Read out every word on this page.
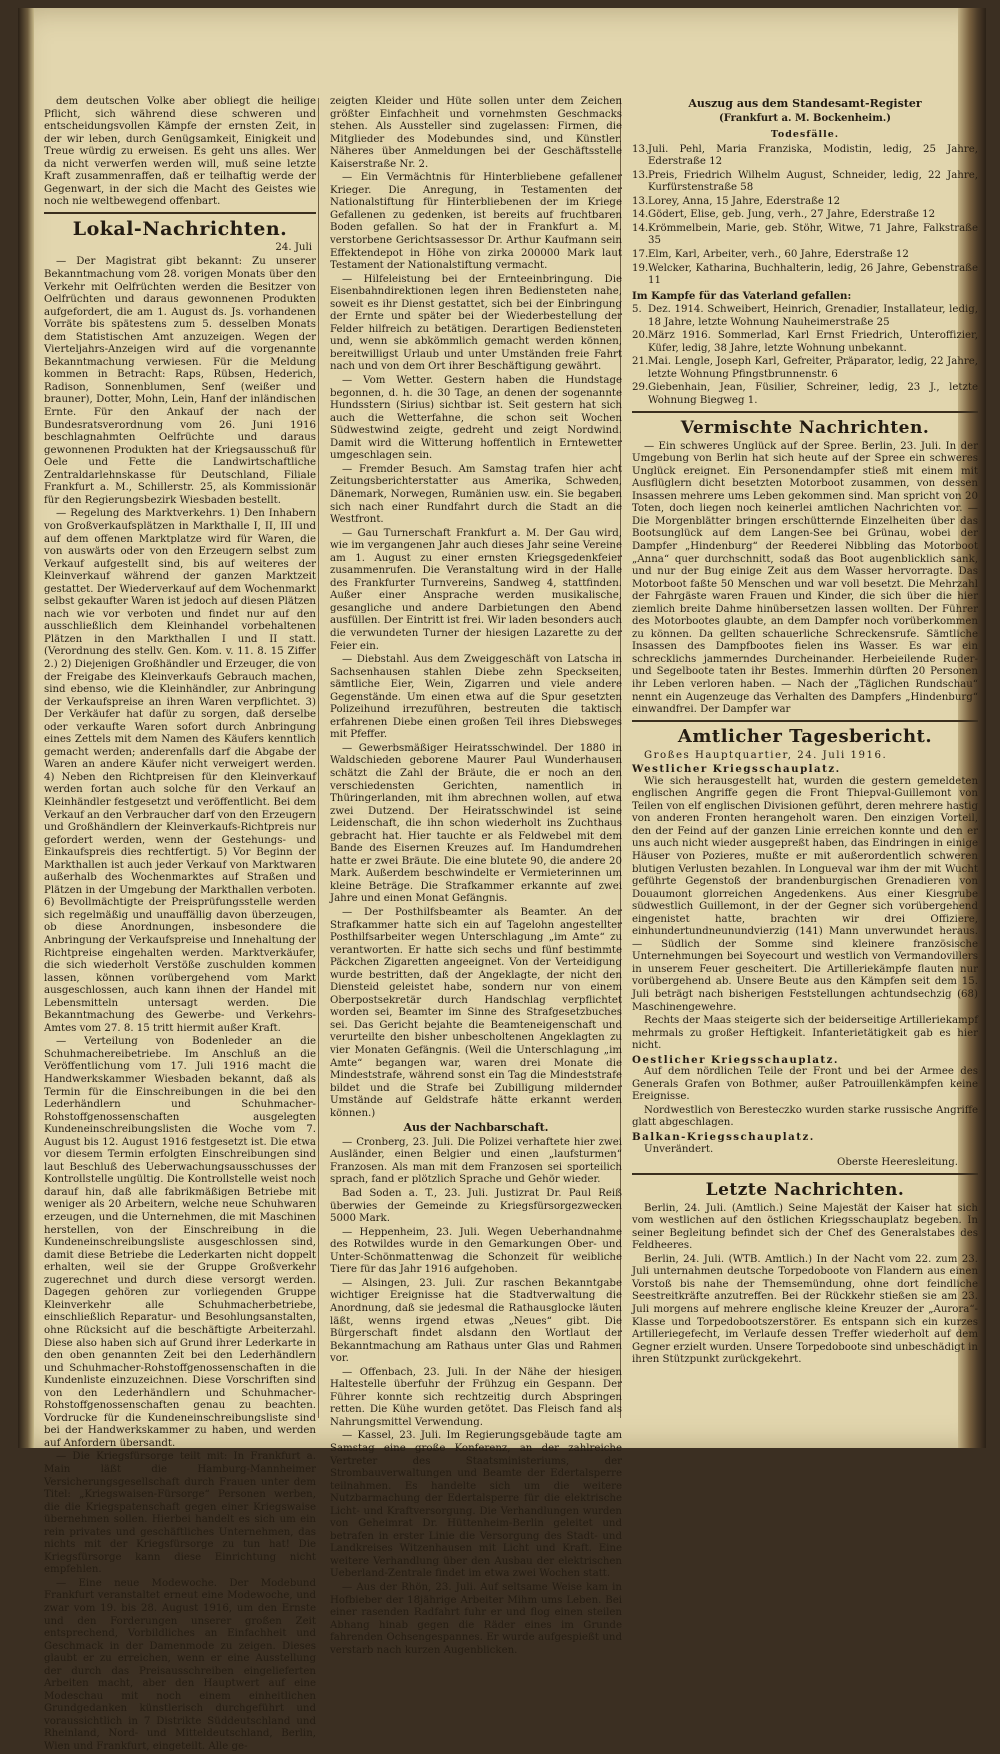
dem deutschen Volke aber obliegt die heilige Pflicht, sich während diese schweren und entscheidungsvollen Kämpfe der ernsten Zeit, in der wir leben, durch Genügsamkeit, Einigkeit und Treue würdig zu erweisen. Es geht uns alles. Wer da nicht verwerfen werden will, muß seine letzte Kraft zusammenraffen, daß er teilhaftig werde der Gegenwart, in der sich die Macht des Geistes wie noch nie weltbewegend offenbart.

Lokal-Nachrichten.
24. Juli

— Der Magistrat gibt bekannt: Zu unserer Bekanntmachung vom 28. vorigen Monats über den Verkehr mit Oelfrüchten werden die Besitzer von Oelfrüchten und daraus gewonnenen Produkten aufgefordert, die am 1. August ds. Js. vorhandenen Vorräte bis spätestens zum 5. desselben Monats dem Statistischen Amt anzuzeigen. Wegen der Vierteljahrs-Anzeigen wird auf die vorgenannte Bekanntmachung verwiesen. Für die Meldung kommen in Betracht: Raps, Rübsen, Hederich, Radison, Sonnenblumen, Senf (weißer und brauner), Dotter, Mohn, Lein, Hanf der inländischen Ernte. Für den Ankauf der nach der Bundesratsverordnung vom 26. Juni 1916 beschlagnahmten Oelfrüchte und daraus gewonnenen Produkten hat der Kriegsausschuß für Oele und Fette die Landwirtschaftliche Zentraldarlehnskasse für Deutschland, Filiale Frankfurt a. M., Schillerstr. 25, als Kommissionär für den Regierungsbezirk Wiesbaden bestellt.

— Regelung des Marktverkehrs. 1) Den Inhabern von Großverkaufsplätzen in Markthalle I, II, III und auf dem offenen Marktplatze wird für Waren, die von auswärts oder von den Erzeugern selbst zum Verkauf aufgestellt sind, bis auf weiteres der Kleinverkauf während der ganzen Marktzeit gestattet. Der Wiederverkauf auf dem Wochenmarkt selbst gekaufter Waren ist jedoch auf diesen Plätzen nach wie vor verboten und findet nur auf den ausschließlich dem Kleinhandel vorbehaltenen Plätzen in den Markthallen I und II statt. (Verordnung des stellv. Gen. Kom. v. 11. 8. 15 Ziffer 2.) 2) Diejenigen Großhändler und Erzeuger, die von der Freigabe des Kleinverkaufs Gebrauch machen, sind ebenso, wie die Kleinhändler, zur Anbringung der Verkaufspreise an ihren Waren verpflichtet. 3) Der Verkäufer hat dafür zu sorgen, daß derselbe oder verkaufte Waren sofort durch Anbringung eines Zettels mit dem Namen des Käufers kenntlich gemacht werden; anderenfalls darf die Abgabe der Waren an andere Käufer nicht verweigert werden. 4) Neben den Richtpreisen für den Kleinverkauf werden fortan auch solche für den Verkauf an Kleinhändler festgesetzt und veröffentlicht. Bei dem Verkauf an den Verbraucher darf von den Erzeugern und Großhändlern der Kleinverkaufs-Richtpreis nur gefordert werden, wenn der Gestehungs- und Einkaufspreis dies rechtfertigt. 5) Vor Beginn der Markthallen ist auch jeder Verkauf von Marktwaren außerhalb des Wochenmarktes auf Straßen und Plätzen in der Umgebung der Markthallen verboten. 6) Bevollmächtigte der Preisprüfungsstelle werden sich regelmäßig und unauffällig davon überzeugen, ob diese Anordnungen, insbesondere die Anbringung der Verkaufspreise und Innehaltung der Richtpreise eingehalten werden. Marktverkäufer, die sich wiederholt Verstöße zuschulden kommen lassen, können vorübergehend vom Markt ausgeschlossen, auch kann ihnen der Handel mit Lebensmitteln untersagt werden. Die Bekanntmachung des Gewerbe- und Verkehrs-Amtes vom 27. 8. 15 tritt hiermit außer Kraft.

— Verteilung von Bodenleder an die Schuhmachereibetriebe. Im Anschluß an die Veröffentlichung vom 17. Juli 1916 macht die Handwerkskammer Wiesbaden bekannt, daß als Termin für die Einschreibungen in die bei den Lederhändlern und Schuhmacher-Rohstoffgenossenschaften ausgelegten Kundeneinschreibungslisten die Woche vom 7. August bis 12. August 1916 festgesetzt ist. Die etwa vor diesem Termin erfolgten Einschreibungen sind laut Beschluß des Ueberwachungsausschusses der Kontrollstelle ungültig. Die Kontrollstelle weist noch darauf hin, daß alle fabrikmäßigen Betriebe mit weniger als 20 Arbeitern, welche neue Schuhwaren erzeugen, und die Unternehmen, die mit Maschinen herstellen, von der Einschreibung in die Kundeneinschreibungsliste ausgeschlossen sind, damit diese Betriebe die Lederkarten nicht doppelt erhalten, weil sie der Gruppe Großverkehr zugerechnet und durch diese versorgt werden. Dagegen gehören zur vorliegenden Gruppe Kleinverkehr alle Schuhmacherbetriebe, einschließlich Reparatur- und Besohlungsanstalten, ohne Rücksicht auf die beschäftigte Arbeiterzahl. Diese also haben sich auf Grund ihrer Lederkarte in den oben genannten Zeit bei den Lederhändlern und Schuhmacher-Rohstoffgenossenschaften in die Kundenliste einzuzeichnen. Diese Vorschriften sind von den Lederhändlern und Schuhmacher-Rohstoffgenossenschaften genau zu beachten. Vordrucke für die Kundeneinschreibungsliste sind bei der Handwerkskammer zu haben, und werden auf Anfordern übersandt.

— Die Kriegsfürsorge teilt mit: In Frankfurt a. Main läßt die Hamburg-Mannheimer Versicherungsgesellschaft durch Frauen unter dem Titel: „Kriegswaisen-Fürsorge“ Personen werben, die die Kriegspatenschaft gegen einer Kriegswaise übernehmen sollen. Hierbei handelt es sich um ein rein privates und geschäftliches Unternehmen, das nichts mit der Kriegsfürsorge zu tun hat! Die Kriegsfürsorge kann diese Einrichtung nicht empfehlen.

— Eine neue Modewoche. Der Modebund Frankfurt veranstaltet erneut eine Modewoche, und zwar vom 19. bis 28. August 1916, um den Ernste und den Forderungen unserer großen Zeit entsprechend, Vorbildliches an Einfachheit und Geschmack in der Damenmode zu zeigen. Dieses glaubt er zu erreichen, wenn er eine Ausstellung der durch das Preisausschreiben eingelieferten Arbeiten macht, aber den Hauptwert auf eine Modeschau mit noch einem einheitlichen Grundgedanken künstlerisch durchgeführt und voraussichtlich in 7 Distrikte Süddeutschland und Rheinland, Nord- und Mitteldeutschland, Berlin, Wien und Frankfurt, eingeteilt. Alle ge-

zeigten Kleider und Hüte sollen unter dem Zeichen größter Einfachheit und vornehmsten Geschmacks stehen. Als Aussteller sind zugelassen: Firmen, die Mitglieder des Modebundes sind, und Künstler. Näheres über Anmeldungen bei der Geschäftsstelle Kaiserstraße Nr. 2.

— Ein Vermächtnis für Hinterbliebene gefallener Krieger. Die Anregung, in Testamenten der Nationalstiftung für Hinterbliebenen der im Kriege Gefallenen zu gedenken, ist bereits auf fruchtbaren Boden gefallen. So hat der in Frankfurt a. M. verstorbene Gerichtsassessor Dr. Arthur Kaufmann sein Effektendepot in Höhe von zirka 200000 Mark laut Testament der Nationalstiftung vermacht.

— Hilfeleistung bei der Ernteeinbringung. Die Eisenbahndirektionen legen ihren Bediensteten nahe, soweit es ihr Dienst gestattet, sich bei der Einbringung der Ernte und später bei der Wiederbestellung der Felder hilfreich zu betätigen. Derartigen Bediensteten und, wenn sie abkömmlich gemacht werden können, bereitwilligst Urlaub und unter Umständen freie Fahrt nach und von dem Ort ihrer Beschäftigung gewährt.

— Vom Wetter. Gestern haben die Hundstage begonnen, d. h. die 30 Tage, an denen der sogenannte Hundsstern (Sirius) sichtbar ist. Seit gestern hat sich auch die Wetterfahne, die schon seit Wochen Südwestwind zeigte, gedreht und zeigt Nordwind. Damit wird die Witterung hoffentlich in Erntewetter umgeschlagen sein.

— Fremder Besuch. Am Samstag trafen hier acht Zeitungsberichterstatter aus Amerika, Schweden, Dänemark, Norwegen, Rumänien usw. ein. Sie begaben sich nach einer Rundfahrt durch die Stadt an die Westfront.

— Gau Turnerschaft Frankfurt a. M. Der Gau wird, wie im vergangenen Jahr auch dieses Jahr seine Vereine am 1. August zu einer ernsten Kriegsgedenkfeier zusammenrufen. Die Veranstaltung wird in der Halle des Frankfurter Turnvereins, Sandweg 4, stattfinden. Außer einer Ansprache werden musikalische, gesangliche und andere Darbietungen den Abend ausfüllen. Der Eintritt ist frei. Wir laden besonders auch die verwundeten Turner der hiesigen Lazarette zu der Feier ein.

— Diebstahl. Aus dem Zweiggeschäft von Latscha in Sachsenhausen stahlen Diebe zehn Speckseiten, sämtliche Eier, Wein, Zigarren und viele andere Gegenstände. Um einen etwa auf die Spur gesetzten Polizeihund irrezuführen, bestreuten die taktisch erfahrenen Diebe einen großen Teil ihres Diebsweges mit Pfeffer.

— Gewerbsmäßiger Heiratsschwindel. Der 1880 in Waldschieden geborene Maurer Paul Wunderhausen schätzt die Zahl der Bräute, die er noch an den verschiedensten Gerichten, namentlich in Thüringerlanden, mit ihm abrechnen wollen, auf etwa zwei Dutzend. Der Heiratsschwindel ist seine Leidenschaft, die ihn schon wiederholt ins Zuchthaus gebracht hat. Hier tauchte er als Feldwebel mit dem Bande des Eisernen Kreuzes auf. Im Handumdrehen hatte er zwei Bräute. Die eine blutete 90, die andere 20 Mark. Außerdem beschwindelte er Vermieterinnen um kleine Beträge. Die Strafkammer erkannte auf zwei Jahre und einen Monat Gefängnis.

— Der Posthilfsbeamter als Beamter. An der Strafkammer hatte sich ein auf Tagelohn angestellter Posthilfsarbeiter wegen Unterschlagung „im Amte“ zu verantworten. Er hatte sich sechs und fünf bestimmte Päckchen Zigaretten angeeignet. Von der Verteidigung wurde bestritten, daß der Angeklagte, der nicht den Diensteid geleistet habe, sondern nur von einem Oberpostsekretär durch Handschlag verpflichtet worden sei, Beamter im Sinne des Strafgesetzbuches sei. Das Gericht bejahte die Beamteneigenschaft und verurteilte den bisher unbescholtenen Angeklagten zu vier Monaten Gefängnis. (Weil die Unterschlagung „im Amte“ begangen war, waren drei Monate die Mindeststrafe, während sonst ein Tag die Mindeststrafe bildet und die Strafe bei Zubilligung mildernder Umstände auf Geldstrafe hätte erkannt werden können.)

Aus der Nachbarschaft.

— Cronberg, 23. Juli. Die Polizei verhaftete hier zwei Ausländer, einen Belgier und einen „laufsturmen“ Franzosen. Als man mit dem Franzosen sei sporteilich sprach, fand er plötzlich Sprache und Gehör wieder.

Bad Soden a. T., 23. Juli. Justizrat Dr. Paul Reiß überwies der Gemeinde zu Kriegsfürsorgezwecken 5000 Mark.

— Heppenheim, 23. Juli. Wegen Ueberhandnahme des Rotwildes wurde in den Gemarkungen Ober- und Unter-Schönmattenwag die Schonzeit für weibliche Tiere für das Jahr 1916 aufgehoben.

— Alsingen, 23. Juli. Zur raschen Bekanntgabe wichtiger Ereignisse hat die Stadtverwaltung die Anordnung, daß sie jedesmal die Rathausglocke läuten läßt, wenns irgend etwas „Neues“ gibt. Die Bürgerschaft findet alsdann den Wortlaut der Bekanntmachung am Rathaus unter Glas und Rahmen vor.

— Offenbach, 23. Juli. In der Nähe der hiesigen Haltestelle überfuhr der Frühzug ein Gespann. Der Führer konnte sich rechtzeitig durch Abspringen retten. Die Kühe wurden getötet. Das Fleisch fand als Nahrungsmittel Verwendung.

— Kassel, 23. Juli. Im Regierungsgebäude tagte am Samstag eine große Konferenz, an der zahlreiche Vertreter des Staatsministeriums, der Strombauverwaltungen und Beamte der Edertalsperre teilnahmen. Es handelte sich um die weitere Nutzbarmachung der Edertalsperre für die elektrische Licht- und Kraftversorgung. Die Verhandlungen wurden von Geheimrat Dr. Hüttenheim-Berlin geleitet und betrafen in erster Linie die Versorgung des Stadt- und Landkreises Witzenhausen mit Licht und Kraft. Eine weitere Verhandlung über den Ausbau der elektrischen Ueberland-Zentrale findet im etwa zwei Wochen statt.

— Aus der Rhön, 23. Juli. Auf seltsame Weise kam in Hofbieber der 18jährige Arbeiter Mihm ums Leben. Bei einer rasenden Radfahrt fuhr er und flog einen steilen Abhang hinab gegen die Räder eines im Grunde fahrenden Ochsengespannes. Er wurde aufgespießt und verstarb nach kurzen Augenblicken.

Auszug aus dem Standesamt-Register
(Frankfurt a. M. Bockenheim.)
Todesfälle.

13. Juli. Pehl, Maria Franziska, Modistin, ledig, 25 Jahre, Ederstraße 12

13. Preis, Friedrich Wilhelm August, Schneider, ledig, 22 Jahre, Kurfürstenstraße 58

13. Lorey, Anna, 15 Jahre, Ederstraße 12

14. Gödert, Elise, geb. Jung, verh., 27 Jahre, Ederstraße 12

14. Krömmelbein, Marie, geb. Stöhr, Witwe, 71 Jahre, Falkstraße 35

17. Elm, Karl, Arbeiter, verh., 60 Jahre, Ederstraße 12

19. Welcker, Katharina, Buchhalterin, ledig, 26 Jahre, Gebenstraße 11

Im Kampfe für das Vaterland gefallen:

5. Dez. 1914. Schweibert, Heinrich, Grenadier, Installateur, ledig, 18 Jahre, letzte Wohnung Nauheimerstraße 25

20. März 1916. Sommerlad, Karl Ernst Friedrich, Unteroffizier, Küfer, ledig, 38 Jahre, letzte Wohnung unbekannt.

21. Mai. Lengle, Joseph Karl, Gefreiter, Präparator, ledig, 22 Jahre, letzte Wohnung Pfingstbrunnenstr. 6

29. Giebenhain, Jean, Füsilier, Schreiner, ledig, 23 J., letzte Wohnung Biegweg 1.

Vermischte Nachrichten.

— Ein schweres Unglück auf der Spree. Berlin, 23. Juli. In der Umgebung von Berlin hat sich heute auf der Spree ein schweres Unglück ereignet. Ein Personendampfer stieß mit einem mit Ausflüglern dicht besetzten Motorboot zusammen, von dessen Insassen mehrere ums Leben gekommen sind. Man spricht von 20 Toten, doch liegen noch keinerlei amtlichen Nachrichten vor. — Die Morgenblätter bringen erschütternde Einzelheiten über das Bootsunglück auf dem Langen-See bei Grünau, wobei der Dampfer „Hindenburg“ der Reederei Nibbling das Motorboot „Anna“ quer durchschnitt, sodaß das Boot augenblicklich sank, und nur der Bug einige Zeit aus dem Wasser hervorragte. Das Motorboot faßte 50 Menschen und war voll besetzt. Die Mehrzahl der Fahrgäste waren Frauen und Kinder, die sich über die hier ziemlich breite Dahme hinübersetzen lassen wollten. Der Führer des Motorbootes glaubte, an dem Dampfer noch vorüberkommen zu können. Da gellten schauerliche Schreckensrufe. Sämtliche Insassen des Dampfbootes fielen ins Wasser. Es war ein schrecklichs jammerndes Durcheinander. Herbeieilende Ruder- und Segelboote taten ihr Bestes. Immerhin dürften 20 Personen ihr Leben verloren haben. — Nach der „Täglichen Rundschau“ nennt ein Augenzeuge das Verhalten des Dampfers „Hindenburg“ einwandfrei. Der Dampfer war

Amtlicher Tagesbericht.

Großes Hauptquartier, 24. Juli 1916.

Westlicher Kriegsschauplatz.

Wie sich herausgestellt hat, wurden die gestern gemeldeten englischen Angriffe gegen die Front Thiepval-Guillemont von Teilen von elf englischen Divisionen geführt, deren mehrere hastig von anderen Fronten herangeholt waren. Den einzigen Vorteil, den der Feind auf der ganzen Linie erreichen konnte und den er uns auch nicht wieder ausgepreßt haben, das Eindringen in einige Häuser von Pozieres, mußte er mit außerordentlich schweren blutigen Verlusten bezahlen. In Longueval war ihm der mit Wucht geführte Gegenstoß der brandenburgischen Grenadieren von Douaumont glorreichen Angedenkens. Aus einer Kiesgrube südwestlich Guillemont, in der der Gegner sich vorübergehend eingenistet hatte, brachten wir drei Offiziere, einhundertundneunundvierzig (141) Mann unverwundet heraus. — Südlich der Somme sind kleinere französische Unternehmungen bei Soyecourt und westlich von Vermandovillers in unserem Feuer gescheitert. Die Artilleriekämpfe flauten nur vorübergehend ab. Unsere Beute aus den Kämpfen seit dem 15. Juli beträgt nach bisherigen Feststellungen achtundsechzig (68) Maschinengewehre.

Rechts der Maas steigerte sich der beiderseitige Artilleriekampf mehrmals zu großer Heftigkeit. Infanterietätigkeit gab es hier nicht.

Oestlicher Kriegsschauplatz.

Auf dem nördlichen Teile der Front und bei der Armee des Generals Grafen von Bothmer, außer Patrouillenkämpfen keine Ereignisse.

Nordwestlich von Beresteczko wurden starke russische Angriffe glatt abgeschlagen.

Balkan-Kriegsschauplatz.

Unverändert.

Oberste Heeresleitung.
Letzte Nachrichten.

Berlin, 24. Juli. (Amtlich.) Seine Majestät der Kaiser hat sich vom westlichen auf den östlichen Kriegsschauplatz begeben. In seiner Begleitung befindet sich der Chef des Generalstabes des Feldheeres.

Berlin, 24. Juli. (WTB. Amtlich.) In der Nacht vom 22. zum 23. Juli unternahmen deutsche Torpedoboote von Flandern aus einen Vorstoß bis nahe der Themsemündung, ohne dort feindliche Seestreitkräfte anzutreffen. Bei der Rückkehr stießen sie am 23. Juli morgens auf mehrere englische kleine Kreuzer der „Aurora“-Klasse und Torpedobootszerstörer. Es entspann sich ein kurzes Artilleriegefecht, im Verlaufe dessen Treffer wiederholt auf dem Gegner erzielt wurden. Unsere Torpedoboote sind unbeschädigt in ihren Stützpunkt zurückgekehrt.
